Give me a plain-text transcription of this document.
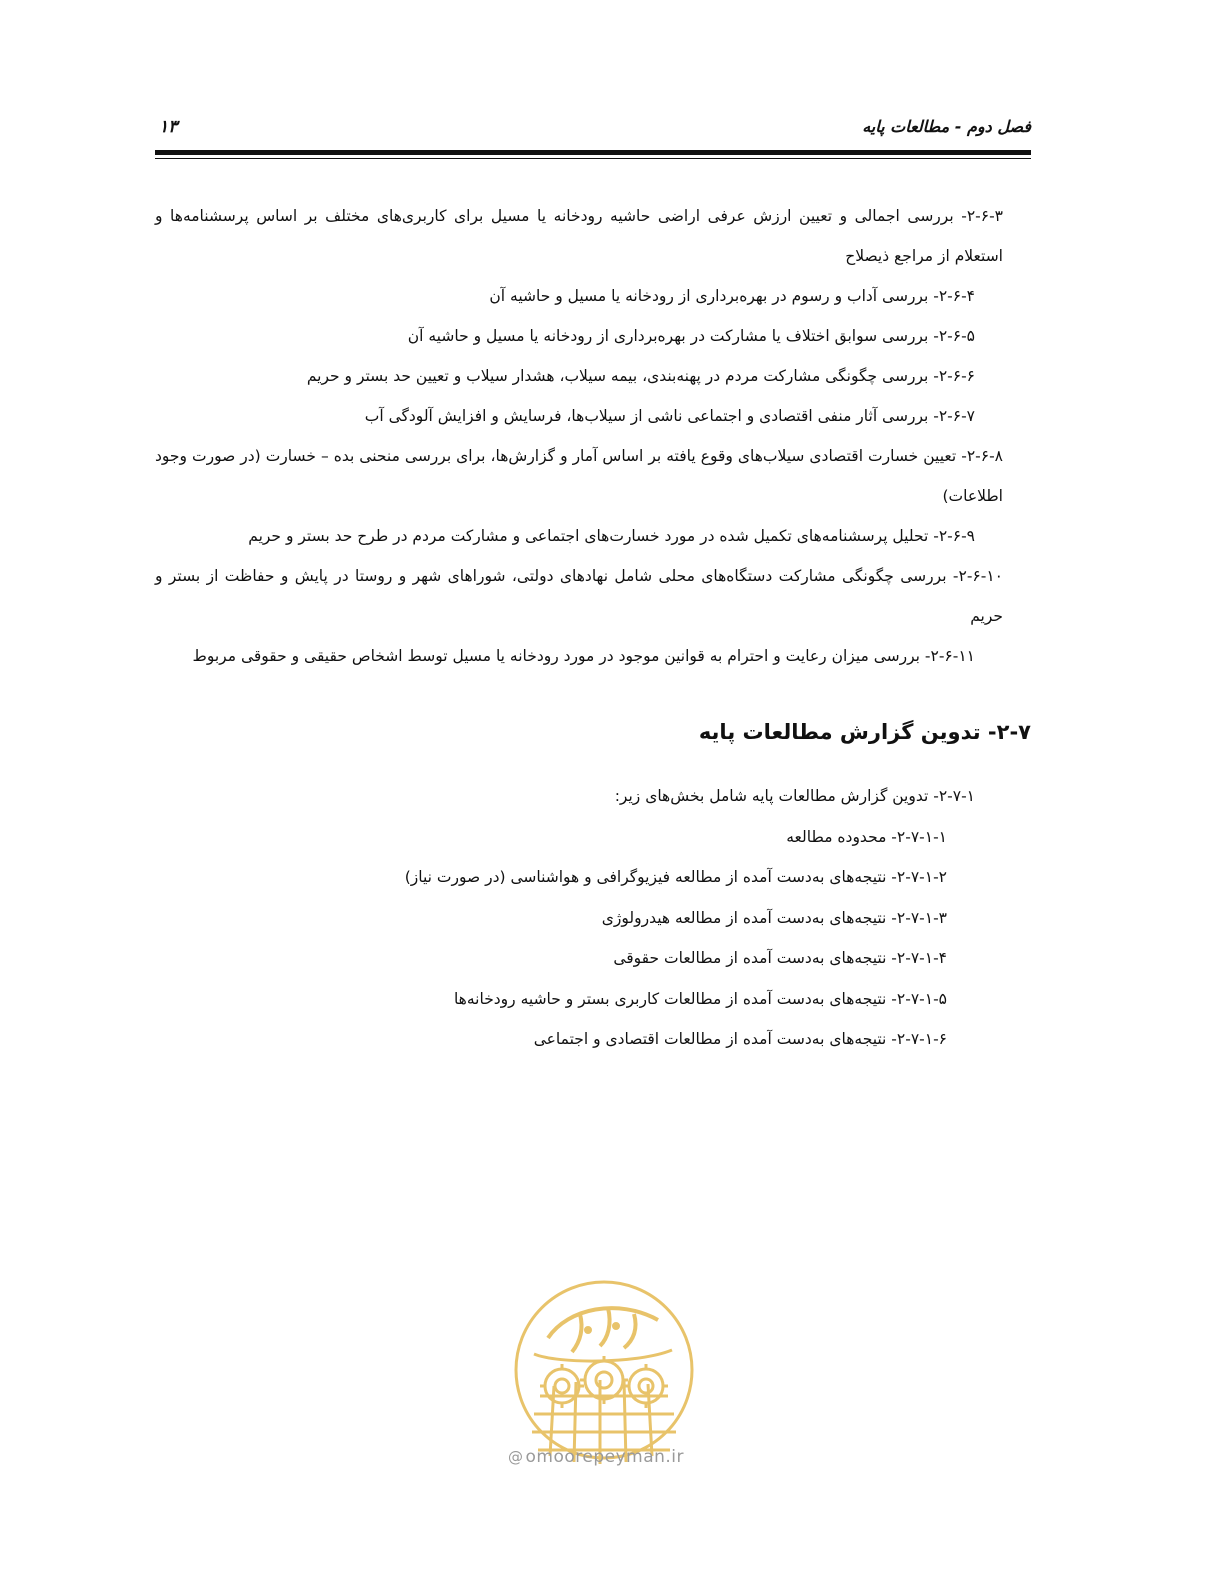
فصل دوم - مطالعات پایه
۱۳

۲-۶-۳- بررسی اجمالی و تعیین ارزش عرفی اراضی حاشیه رودخانه یا مسیل برای کاربری‌های مختلف بر اساس پرسشنامه‌ها و استعلام از مراجع ذیصلاح

۲-۶-۴- بررسی آداب و رسوم در بهره‌برداری از رودخانه یا مسیل و حاشیه آن

۲-۶-۵- بررسی سوابق اختلاف یا مشارکت در بهره‌برداری از رودخانه یا مسیل و حاشیه آن

۲-۶-۶- بررسی چگونگی مشارکت مردم در پهنه‌بندی، بیمه سیلاب، هشدار سیلاب و تعیین حد بستر و حریم

۲-۶-۷- بررسی آثار منفی اقتصادی و اجتماعی ناشی از سیلاب‌ها، فرسایش و افزایش آلودگی آب

۲-۶-۸- تعیین خسارت اقتصادی سیلاب‌های وقوع یافته بر اساس آمار و گزارش‌ها، برای بررسی منحنی بده – خسارت (در صورت وجود اطلاعات)

۲-۶-۹- تحلیل پرسشنامه‌های تکمیل شده در مورد خسارت‌های اجتماعی و مشارکت مردم در طرح حد بستر و حریم

۲-۶-۱۰- بررسی چگونگی مشارکت دستگاه‌های محلی شامل نهادهای دولتی، شوراهای شهر و روستا در پایش و حفاظت از بستر و حریم

۲-۶-۱۱- بررسی میزان رعایت و احترام به قوانین موجود در مورد رودخانه یا مسیل توسط اشخاص حقیقی و حقوقی مربوط

۲-۷- تدوین گزارش مطالعات پایه

۲-۷-۱- تدوین گزارش مطالعات پایه شامل بخش‌های زیر:

۲-۷-۱-۱- محدوده مطالعه

۲-۷-۱-۲- نتیجه‌های به‌دست آمده از مطالعه فیزیوگرافی و هواشناسی (در صورت نیاز)

۲-۷-۱-۳- نتیجه‌های به‌دست آمده از مطالعه هیدرولوژی

۲-۷-۱-۴- نتیجه‌های به‌دست آمده از مطالعات حقوقی

۲-۷-۱-۵- نتیجه‌های به‌دست آمده از مطالعات کاربری بستر و حاشیه رودخانه‌ها

۲-۷-۱-۶- نتیجه‌های به‌دست آمده از مطالعات اقتصادی و اجتماعی

@ omoorepeyman.ir
